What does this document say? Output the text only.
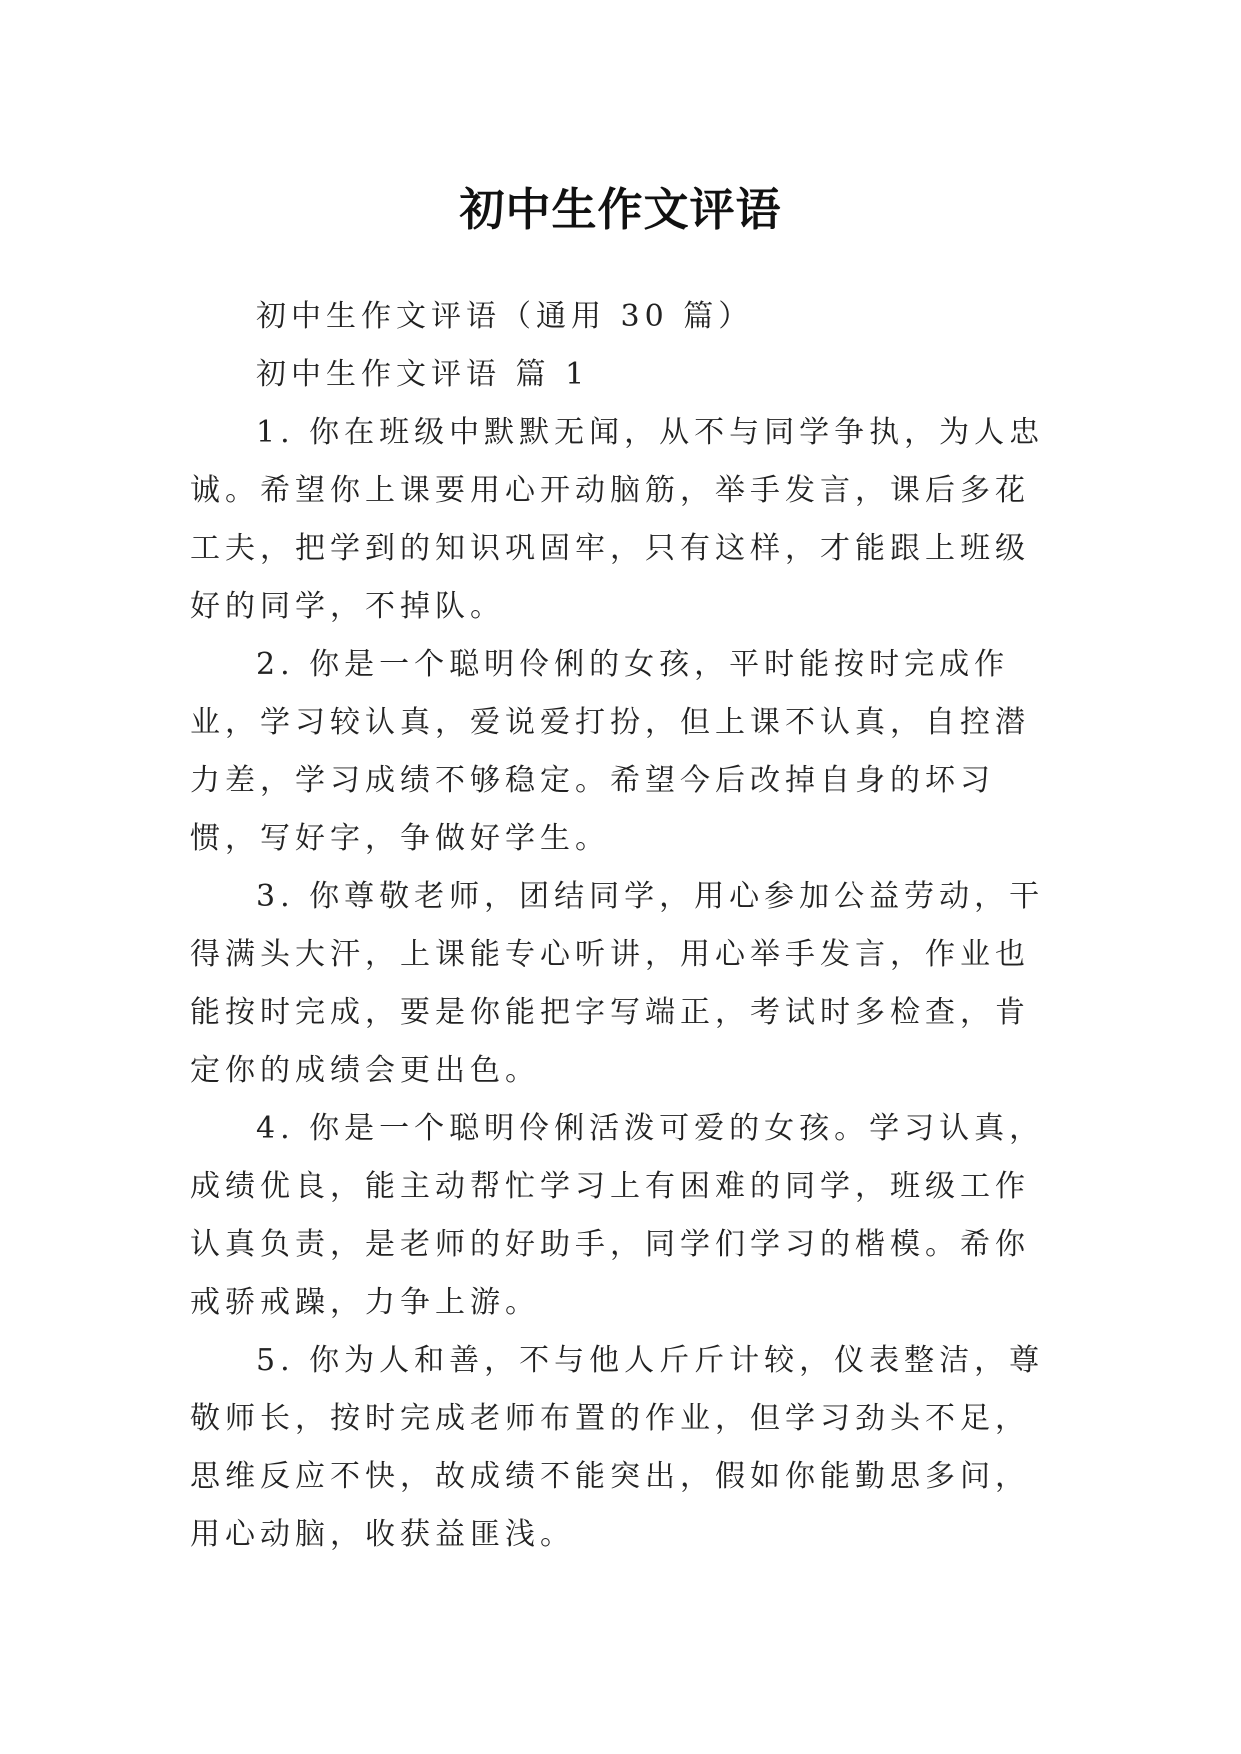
初中生作文评语

初中生作文评语（通用 30 篇）

初中生作文评语 篇 1

1. 你在班级中默默无闻，从不与同学争执，为人忠诚。希望你上课要用心开动脑筋，举手发言，课后多花工夫，把学到的知识巩固牢，只有这样，才能跟上班级好的同学，不掉队。

2. 你是一个聪明伶俐的女孩，平时能按时完成作业，学习较认真，爱说爱打扮，但上课不认真，自控潜力差，学习成绩不够稳定。希望今后改掉自身的坏习惯，写好字，争做好学生。

3. 你尊敬老师，团结同学，用心参加公益劳动，干得满头大汗，上课能专心听讲，用心举手发言，作业也能按时完成，要是你能把字写端正，考试时多检查，肯定你的成绩会更出色。

4. 你是一个聪明伶俐活泼可爱的女孩。学习认真，成绩优良，能主动帮忙学习上有困难的同学，班级工作认真负责，是老师的好助手，同学们学习的楷模。希你戒骄戒躁，力争上游。

5. 你为人和善，不与他人斤斤计较，仪表整洁，尊敬师长，按时完成老师布置的作业，但学习劲头不足，思维反应不快，故成绩不能突出，假如你能勤思多问，用心动脑，收获益匪浅。
